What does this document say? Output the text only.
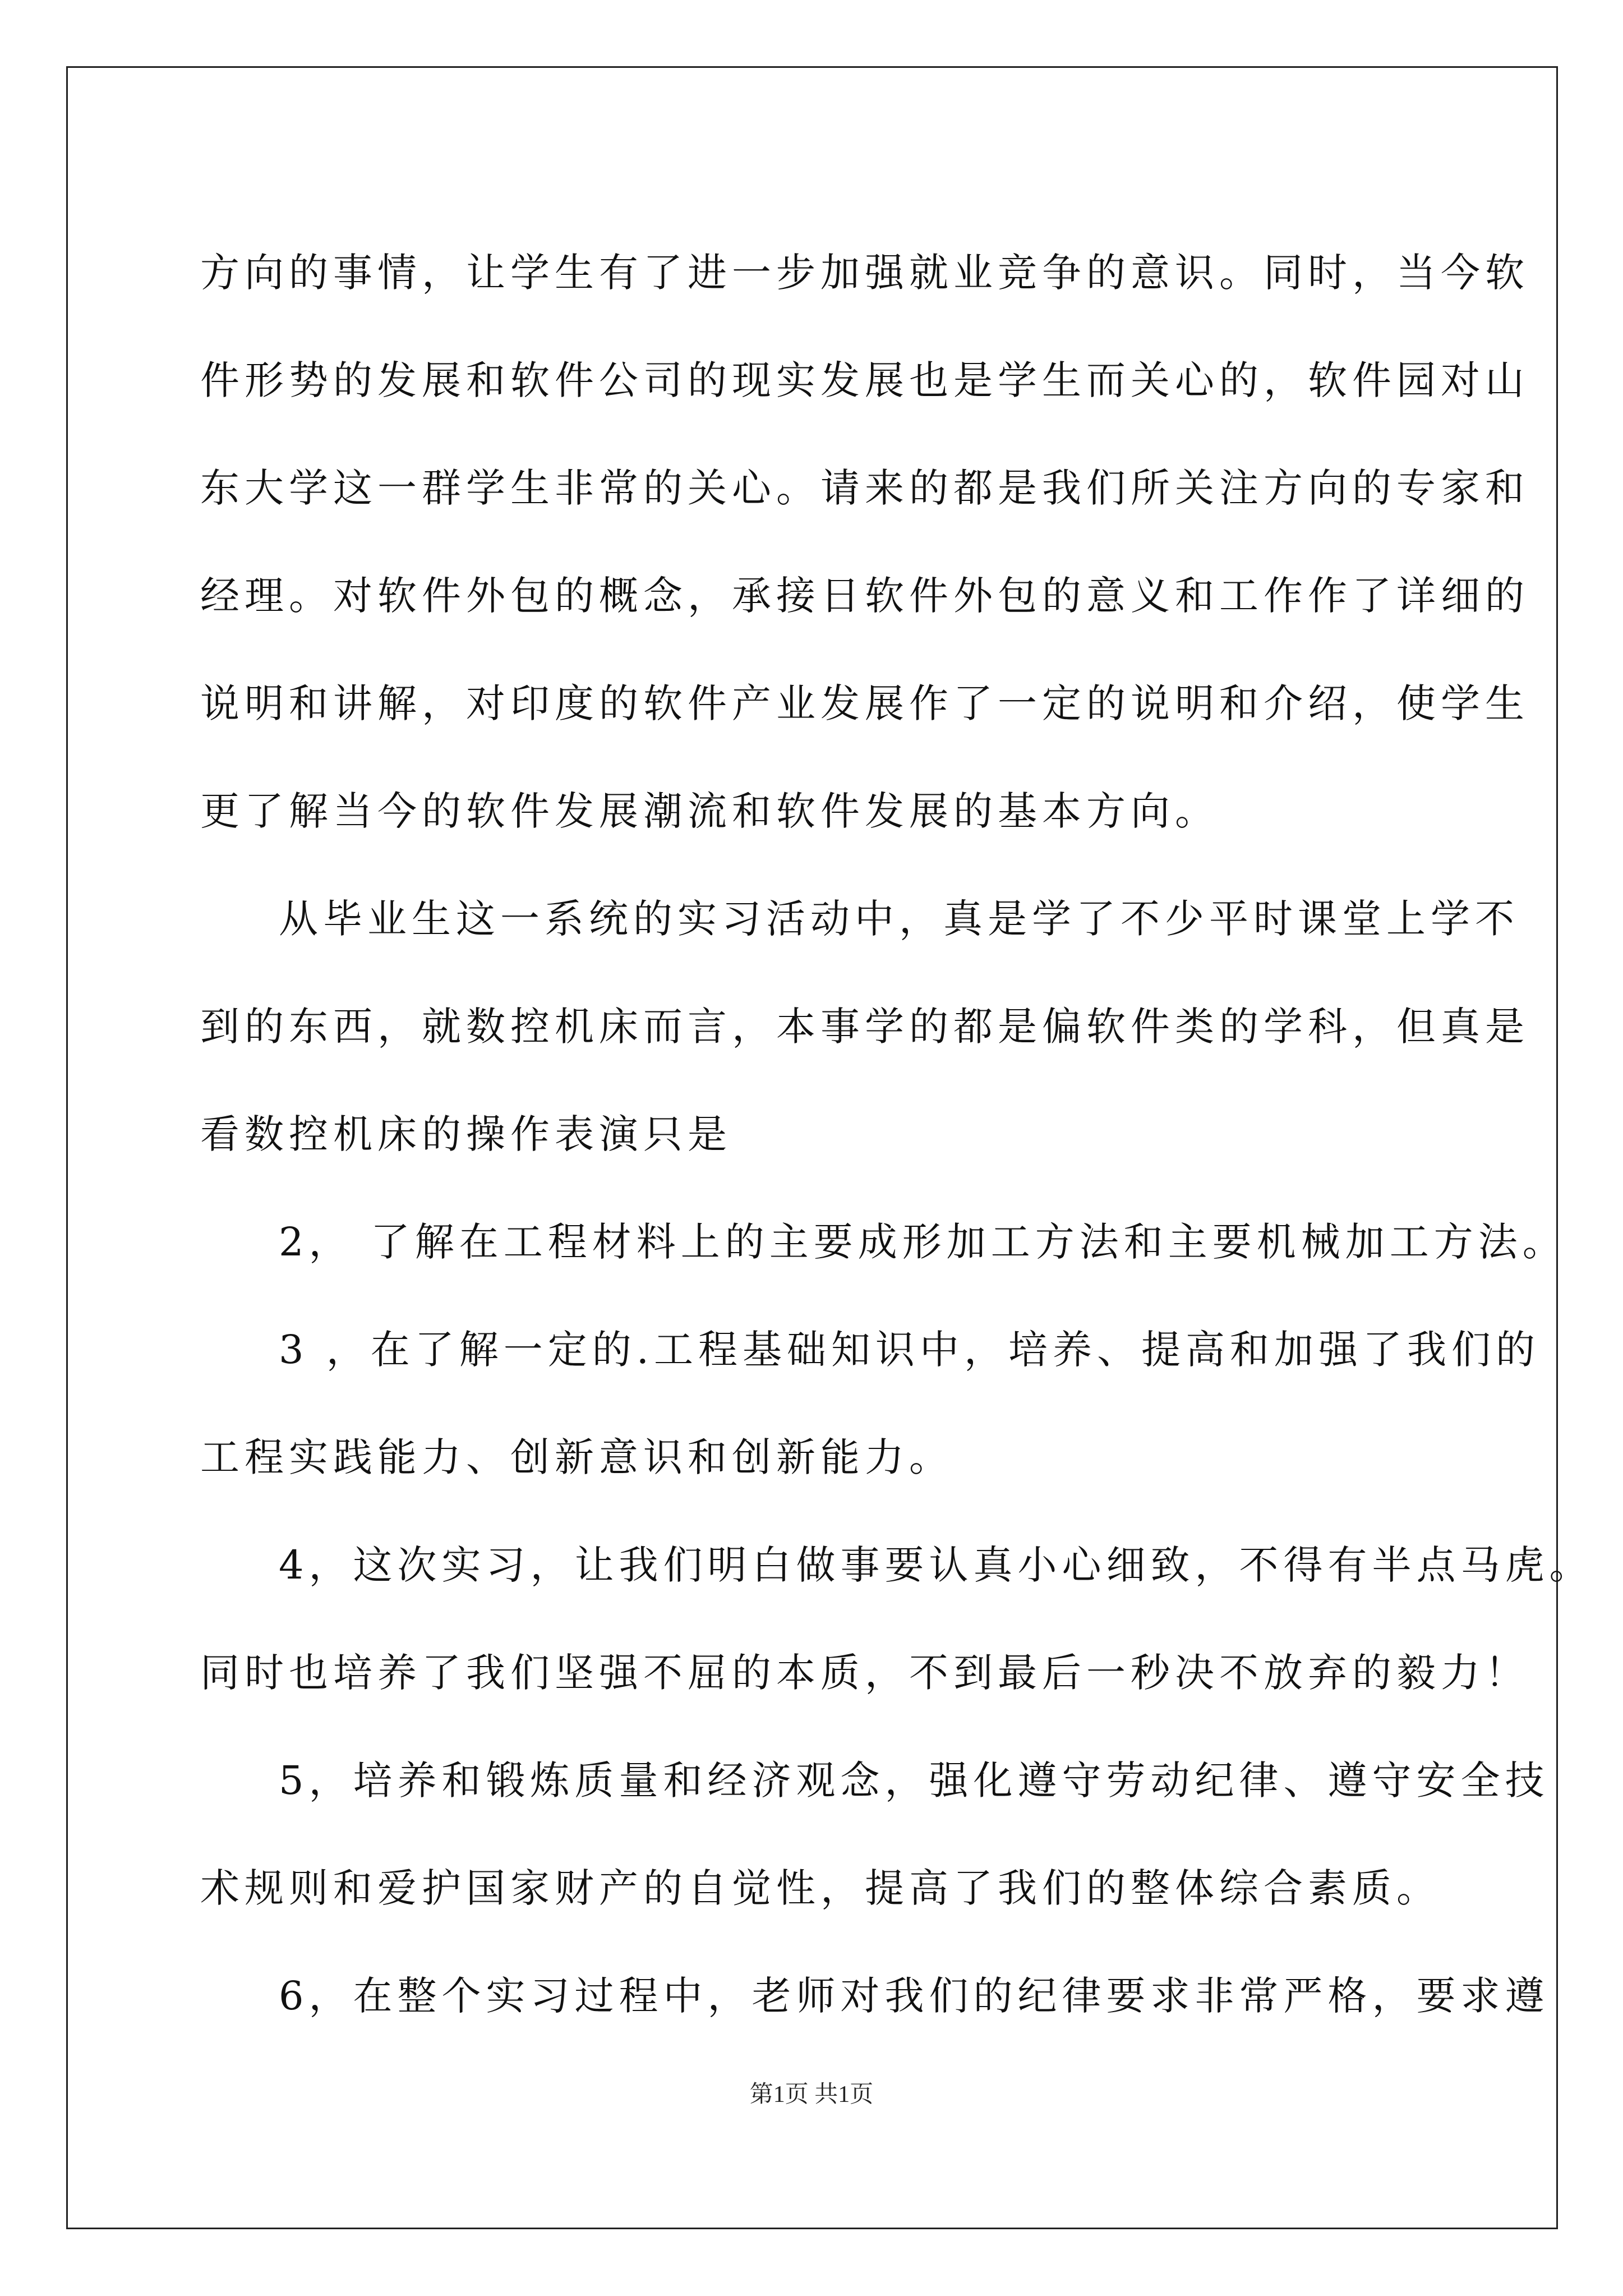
方向的事情，让学生有了进一步加强就业竞争的意识。同时，当今软
件形势的发展和软件公司的现实发展也是学生而关心的，软件园对山
东大学这一群学生非常的关心。请来的都是我们所关注方向的专家和
经理。对软件外包的概念，承接日软件外包的意义和工作作了详细的
说明和讲解，对印度的软件产业发展作了一定的说明和介绍，使学生
更了解当今的软件发展潮流和软件发展的基本方向。
从毕业生这一系统的实习活动中，真是学了不少平时课堂上学不
到的东西，就数控机床而言，本事学的都是偏软件类的学科，但真是
看数控机床的操作表演只是
2， 了解在工程材料上的主要成形加工方法和主要机械加工方法。
3 ，在了解一定的.工程基础知识中，培养、提高和加强了我们的
工程实践能力、创新意识和创新能力。
4，这次实习，让我们明白做事要认真小心细致，不得有半点马虎。
同时也培养了我们坚强不屈的本质，不到最后一秒决不放弃的毅力！
5，培养和锻炼质量和经济观念，强化遵守劳动纪律、遵守安全技
术规则和爱护国家财产的自觉性，提高了我们的整体综合素质。
6，在整个实习过程中，老师对我们的纪律要求非常严格，要求遵
第1页 共1页
